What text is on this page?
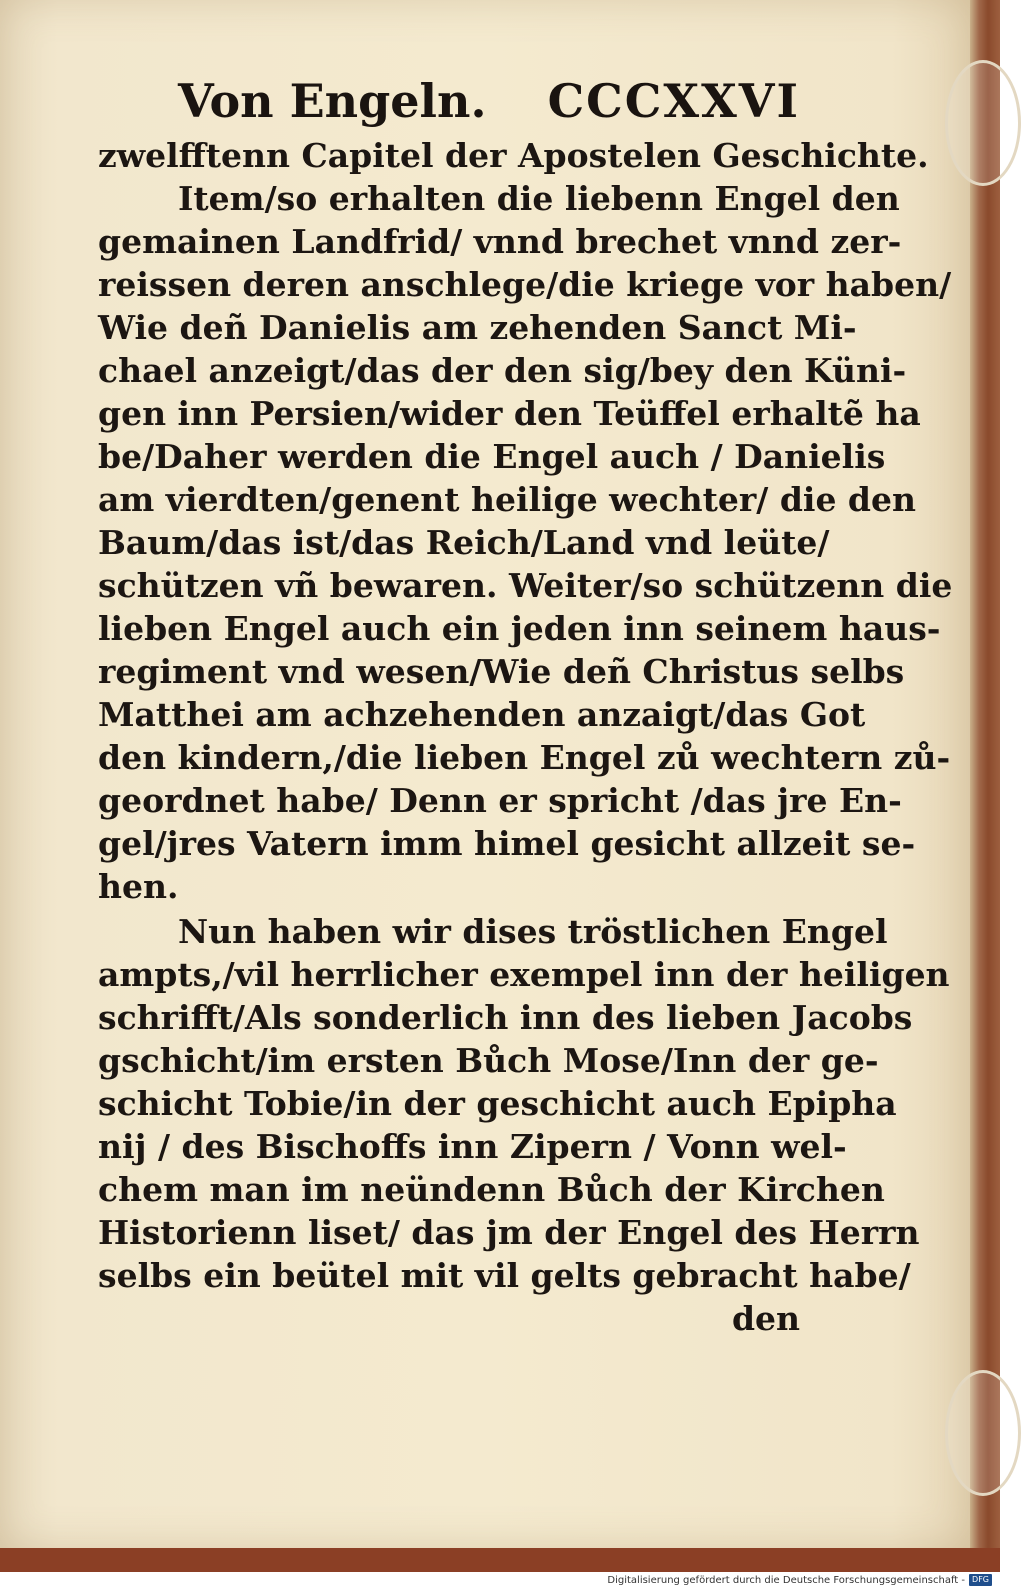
Von Engeln. CCCXXVI
zwelfftenn Capitel der Apostelen Geschichte.
Item/so erhalten die liebenn Engel den
gemainen Landfrid/ vnnd brechet vnnd zer-
reissen deren anschlege/die kriege vor haben/
Wie deñ Danielis am zehenden Sanct Mi-
chael anzeigt/das der den sig/bey den Küni-
gen inn Persien/wider den Teüffel erhaltẽ ha
be/Daher werden die Engel auch / Danielis
am vierdten/genent heilige wechter/ die den
Baum/das ist/das Reich/Land vnd leüte/
schützen vñ bewaren. Weiter/so schützenn die
lieben Engel auch ein jeden inn seinem haus-
regiment vnd wesen/Wie deñ Christus selbs
Matthei am achzehenden anzaigt/das Got
den kindern,/die lieben Engel zů wechtern zů-
geordnet habe/ Denn er spricht /das jre En-
gel/jres Vatern imm himel gesicht allzeit se-
hen.
Nun haben wir dises tröstlichen Engel
ampts,/vil herrlicher exempel inn der heiligen
schrifft/Als sonderlich inn des lieben Jacobs
gschicht/im ersten Bůch Mose/Inn der ge-
schicht Tobie/in der geschicht auch Epipha
nij / des Bischoffs inn Zipern / Vonn wel-
chem man im neündenn Bůch der Kirchen
Historienn liset/ das jm der Engel des Herrn
selbs ein beütel mit vil gelts gebracht habe/
den
Digitalisierung gefördert durch die Deutsche Forschungsgemeinschaft - DFG
